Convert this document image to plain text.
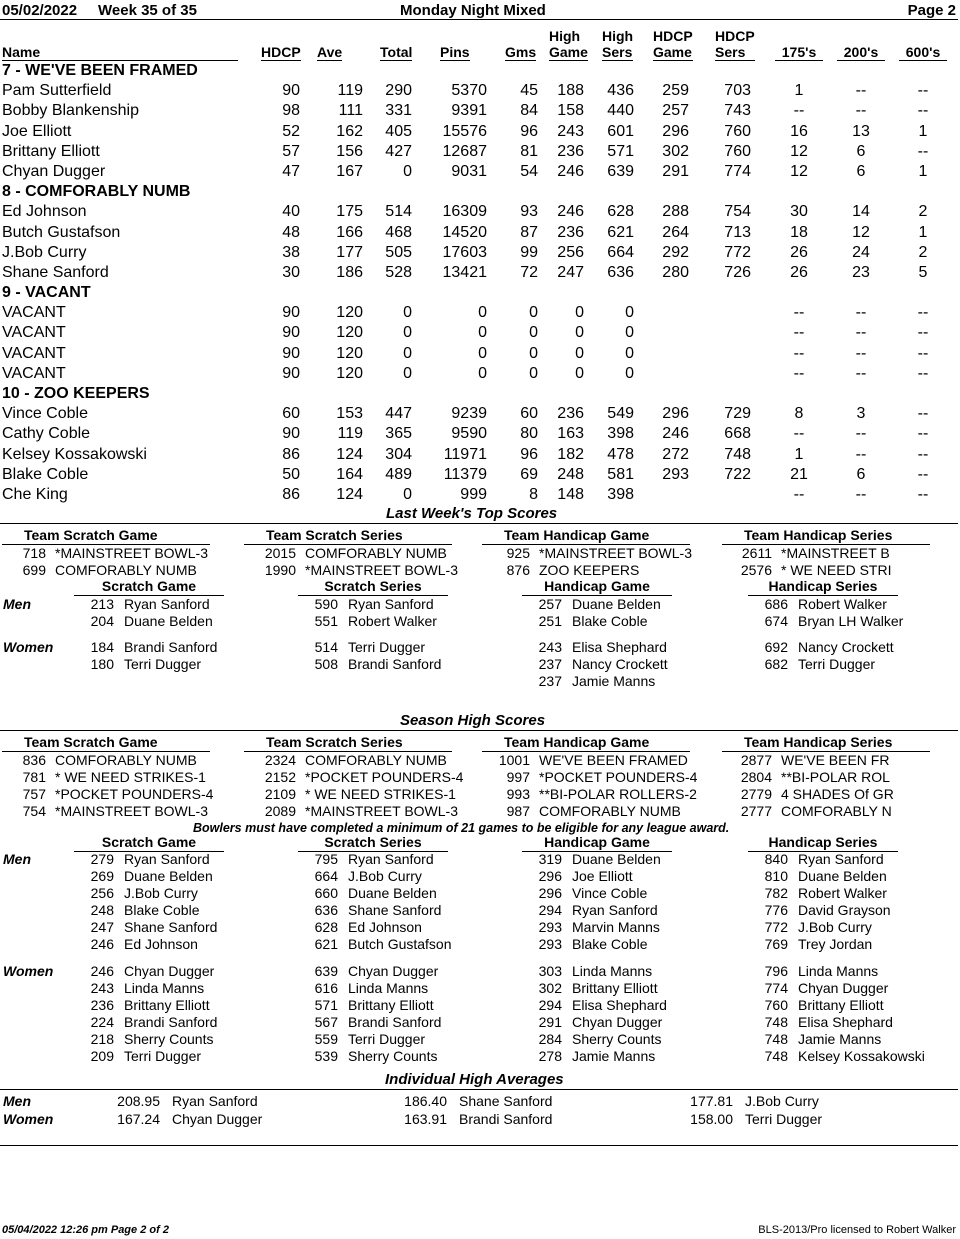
05/02/2022 Week 35 of 35	Monday Night Mixed	Page 2
Name	HDCP Ave	Total Pins	Gms
High
Game
High
Sers
HDCP
Game
HDCP
Sers	175's	200's	600's
7 - WE'VE BEEN FRAMED
Pam Sutterfield	90 119 290 5370 45 188 436 259 703	1	--	--
Bobby Blankenship	98 111 331 9391 84 158 440 257 743	--	--	--
Joe Elliott	52 162 405 15576 96 243 601 296 760	16	13	1
Brittany Elliott	57 156 427 12687 81 236 571 302 760	12	6	--
Chyan Dugger	47 167	0 9031 54 246 639 291 774	12	6	1
8 - COMFORABLY NUMB
Ed Johnson	40 175 514 16309 93 246 628 288 754	30	14	2
Butch Gustafson	48 166 468 14520 87 236 621 264 713	18	12	1
J.Bob Curry	38 177 505 17603 99 256 664 292 772	26	24	2
Shane Sanford	30 186 528 13421 72 247 636 280 726	26	23	5
9 - VACANT
VACANT	90 120	0	0	0 0	0	--	--	--
VACANT	90 120	0	0	0 0	0	--	--	--
VACANT	90 120	0	0	0 0	0	--	--	--
VACANT	90 120	0	0	0 0	0	--	--	--
10 - ZOO KEEPERS
Vince Coble	60 153 447 9239 60 236 549 296 729	8	3	--
Cathy Coble	90 119 365 9590 80 163 398 246 668	--	--	--
Kelsey Kossakowski	86 124 304 11971 96 182 478 272 748	1	--	--
Blake Coble	50 164 489 11379 69 248 581 293 722	21	6	--
Che King	86 124	0	999	8 148 398	--	--	--
Last Week's Top Scores
Team Scratch Game
718 *MAINSTREET BOWL-3
699 COMFORABLY NUMB
Team Scratch Series
2015 COMFORABLY NUMB
1990 *MAINSTREET BOWL-3
Team Handicap Game
925 *MAINSTREET BOWL-3
876 ZOO KEEPERS
Team Handicap Series
2611 *MAINSTREET B
2576 * WE NEED STRI
Scratch Game	Scratch Series	Handicap Game	Handicap Series
Men	213 Ryan Sanford
204 Duane Belden
590 Ryan Sanford
551 Robert Walker
257 Duane Belden
251 Blake Coble
686 Robert Walker
674 Bryan LH Walker
Women	184 Brandi Sanford
180 Terri Dugger
514 Terri Dugger
508 Brandi Sanford
243 Elisa Shephard
237 Nancy Crockett
237 Jamie Manns
692 Nancy Crockett
682 Terri Dugger
Season High Scores
Team Scratch Game
836 COMFORABLY NUMB
781 * WE NEED STRIKES-1
757 *POCKET POUNDERS-4
754 *MAINSTREET BOWL-3
Team Scratch Series
2324 COMFORABLY NUMB
2152 *POCKET POUNDERS-4
2109 * WE NEED STRIKES-1
2089 *MAINSTREET BOWL-3
Team Handicap Game
1001 WE'VE BEEN FRAMED
997 *POCKET POUNDERS-4
993 **BI-POLAR ROLLERS-2
987 COMFORABLY NUMB
Team Handicap Series
2877 WE'VE BEEN FR
2804 **BI-POLAR ROL
2779 4 SHADES Of GR
2777 COMFORABLY N
Scratch Game	Scratch Series	Handicap Game	Handicap Series
Men	279 Ryan Sanford
269 Duane Belden
256 J.Bob Curry
248 Blake Coble
247 Shane Sanford
246 Ed Johnson
795 Ryan Sanford
664 J.Bob Curry
660 Duane Belden
636 Shane Sanford
628 Ed Johnson
621 Butch Gustafson
319 Duane Belden
296 Joe Elliott
296 Vince Coble
294 Ryan Sanford
293 Marvin Manns
293 Blake Coble
840 Ryan Sanford
810 Duane Belden
782 Robert Walker
776 David Grayson
772 J.Bob Curry
769 Trey Jordan
Women	246 Chyan Dugger
243 Linda Manns
236 Brittany Elliott
224 Brandi Sanford
218 Sherry Counts
209 Terri Dugger
639 Chyan Dugger
616 Linda Manns
571 Brittany Elliott
567 Brandi Sanford
559 Terri Dugger
539 Sherry Counts
303 Linda Manns
302 Brittany Elliott
294 Elisa Shephard
291 Chyan Dugger
284 Sherry Counts
278 Jamie Manns
796 Linda Manns
774 Chyan Dugger
760 Brittany Elliott
748 Elisa Shephard
748 Jamie Manns
748 Kelsey Kossakowski
Bowlers must have completed a minimum of 21 games to be eligible for any league award.
Individual High Averages
Men	208.95 Ryan Sanford	186.40 Shane Sanford	177.81 J.Bob Curry
Women	167.24 Chyan Dugger	163.91 Brandi Sanford	158.00 Terri Dugger
05/04/2022 12:26 pm Page 2 of 2	BLS-2013/Pro licensed to Robert Walker
